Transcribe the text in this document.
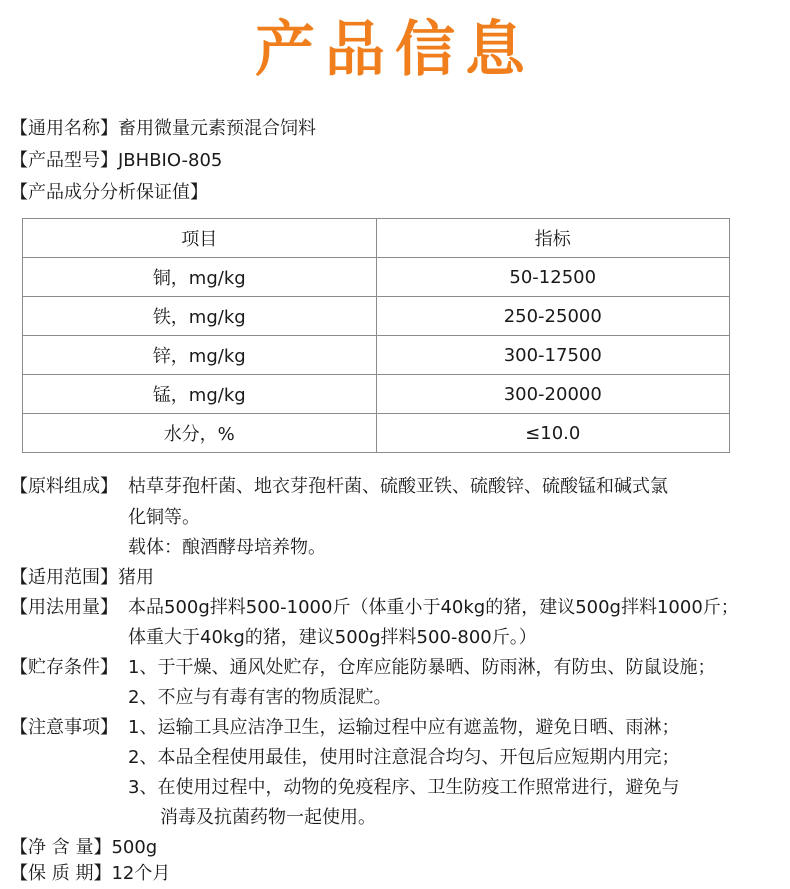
产品信息
【通用名称】畜用微量元素预混合饲料
【产品型号】JBHBIO-805
【产品成分分析保证值】
项目	指标
铜，mg/kg	50-12500
铁，mg/kg	250-25000
锌，mg/kg	300-17500
锰，mg/kg	300-20000
水分，%	≤10.0
【原料组成】 枯草芽孢杆菌、地衣芽孢杆菌、硫酸亚铁、硫酸锌、硫酸锰和碱式氯
化铜等。
载体：酿酒酵母培养物。
【适用范围】猪用
【用法用量】 本品500g拌料500-1000斤（体重小于40kg的猪，建议500g拌料1000斤；
体重大于40kg的猪，建议500g拌料500-800斤。）
【贮存条件】 1、于干燥、通风处贮存，仓库应能防暴晒、防雨淋，有防虫、防鼠设施；
2、不应与有毒有害的物质混贮。
【注意事项】 1、运输工具应洁净卫生，运输过程中应有遮盖物，避免日晒、雨淋；
2、本品全程使用最佳，使用时注意混合均匀、开包后应短期内用完；
3、在使用过程中，动物的免疫程序、卫生防疫工作照常进行，避免与
消毒及抗菌药物一起使用。
【净 含 量】500g
【保 质 期】12个月
